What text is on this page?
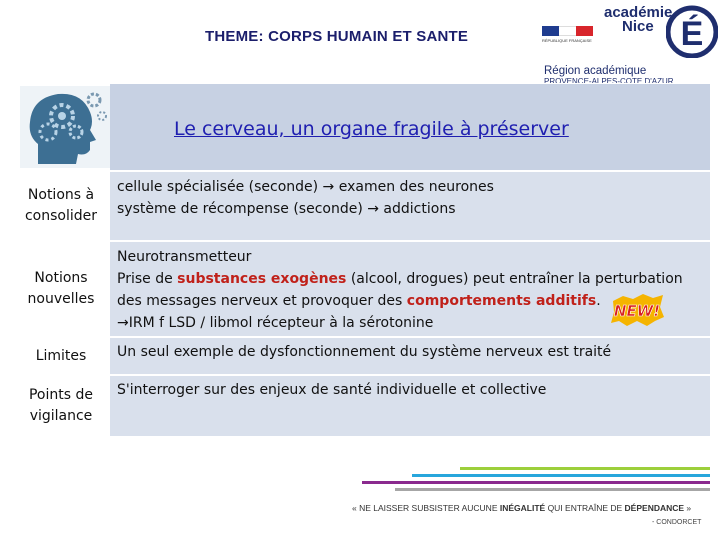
THEME: CORPS HUMAIN ET SANTE	RÉPUBLIQUE FRANÇAISE
académie
Nice É
Région académique
PROVENCE-ALPES-CÔTE D'AZUR
Le cerveau, un organe fragile à préserver
Notions à consolider
cellule spécialisée (seconde) → examen des neurones
système de récompense (seconde) → addictions
Notions nouvelles
Neurotransmetteur
Prise de substances exogènes (alcool, drogues) peut entraîner la perturbation
des messages nerveux et provoquer des comportements additifs.
→IRM f LSD / libmol récepteur à la sérotonine
Limites	Un seul exemple de dysfonctionnement du système nerveux est traité
Points de vigilance
S'interroger sur des enjeux de santé individuelle et collective
NEW!
« NE LAISSER SUBSISTER AUCUNE INÉGALITÉ QUI ENTRAÎNE DE DÉPENDANCE »
- CONDORCET
